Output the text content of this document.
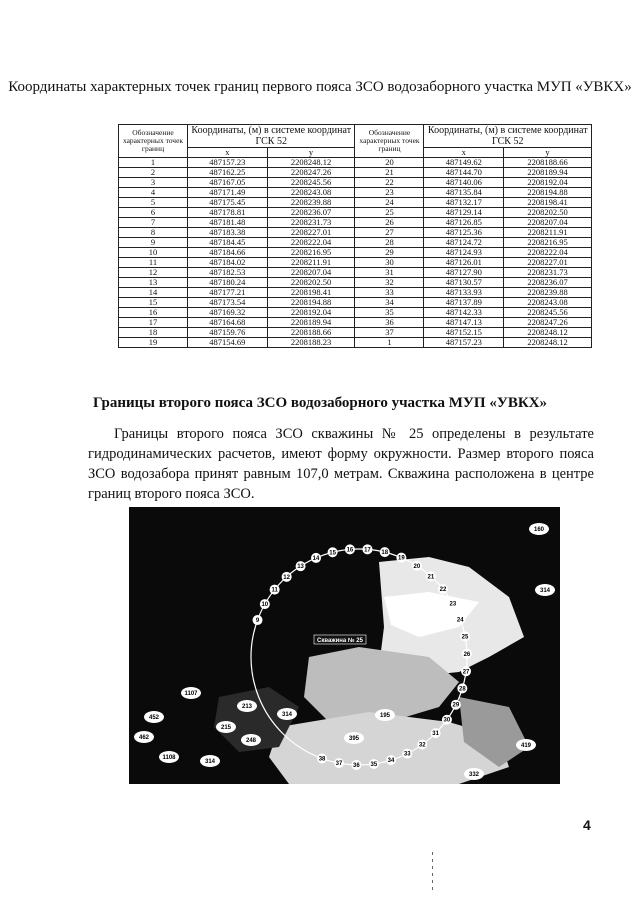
Координаты характерных точек границ первого пояса ЗСО водозаборного участка МУП «УВКХ»
Обозначение характерных точек границ	Координаты, (м) в системе координат ГСК 52		Обозначение характерных точек границ	Координаты, (м) в системе координат ГСК 52	
	x	y		x	y
1	487157.23	2208248.12	20	487149.62	2208188.66
2	487162.25	2208247.26	21	487144.70	2208189.94
3	487167.05	2208245.56	22	487140.06	2208192.04
4	487171.49	2208243.08	23	487135.84	2208194.88
5	487175.45	2208239.88	24	487132.17	2208198.41
6	487178.81	2208236.07	25	487129.14	2208202.50
7	487181.48	2208231.73	26	487126.85	2208207.04
8	487183.38	2208227.01	27	487125.36	2208211.91
9	487184.45	2208222.04	28	487124.72	2208216.95
10	487184.66	2208216.95	29	487124.93	2208222.04
11	487184.02	2208211.91	30	487126.01	2208227.01
12	487182.53	2208207.04	31	487127.90	2208231.73
13	487180.24	2208202.50	32	487130.57	2208236.07
14	487177.21	2208198.41	33	487133.93	2208239.88
15	487173.54	2208194.88	34	487137.89	2208243.08
16	487169.32	2208192.04	35	487142.33	2208245.56
17	487164.68	2208189.94	36	487147.13	2208247.26
18	487159.76	2208188.66	37	487152.15	2208248.12
19	487154.69	2208188.23	1	487157.23	2208248.12
Границы второго пояса ЗСО водозаборного участка МУП «УВКХ»
Границы второго пояса ЗСО скважины № 25 определены в результате гидродинамических расчетов, имеют форму окружности. Размер второго пояса ЗСО водозабора принят равным 107,0 метрам. Скважина расположена в центре границ второго пояса ЗСО.
9
10
11
12
13
14
15 16 17 18
19
20
21
22
23
24
25
26
27
28
29
30
31
32
33
34
35
36
37
38
Скважина № 25
160
314
1107
452
462
1108
213
215
314
248	395
195
419
332
314
4
